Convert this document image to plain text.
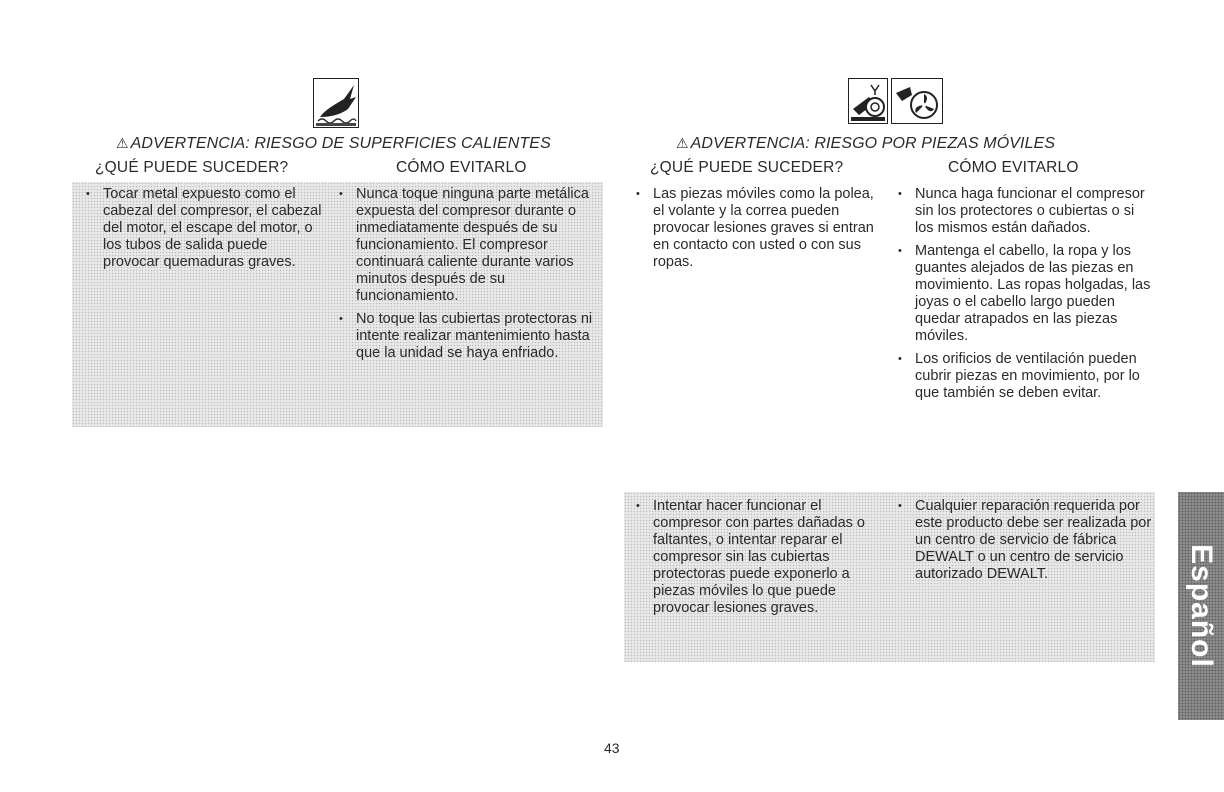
⚠ ADVERTENCIA: RIESGO DE SUPERFICIES CALIENTES
¿QUÉ PUEDE SUCEDER?	CÓMO EVITARLO
• Tocar metal expuesto como el cabezal del compresor, el cabezal del motor, el escape del motor, o los tubos de salida puede provocar quemaduras graves.
• Nunca toque ninguna parte metálica expuesta del compresor durante o inmediatamente después de su funcionamiento. El compresor continuará caliente durante varios minutos después de su funcionamiento.
• No toque las cubiertas protectoras ni intente realizar mantenimiento hasta que la unidad se haya enfriado.
⚠ ADVERTENCIA: RIESGO POR PIEZAS MÓVILES
¿QUÉ PUEDE SUCEDER?	CÓMO EVITARLO
• Las piezas móviles como la polea, el volante y la correa pueden provocar lesiones graves si entran en contacto con usted o con sus ropas.
• Nunca haga funcionar el compresor sin los protectores o cubiertas o si los mismos están dañados.
• Mantenga el cabello, la ropa y los guantes alejados de las piezas en movimiento. Las ropas holgadas, las joyas o el cabello largo pueden quedar atrapados en las piezas móviles.
• Los orificios de ventilación pueden cubrir piezas en movimiento, por lo que también se deben evitar.
• Intentar hacer funcionar el compresor con partes dañadas o faltantes, o intentar reparar el compresor sin las cubiertas protectoras puede exponerlo a piezas móviles lo que puede provocar lesiones graves.
• Cualquier reparación requerida por este producto debe ser realizada por un centro de servicio de fábrica DEWALT o un centro de servicio autorizado DEWALT.
43
Español
